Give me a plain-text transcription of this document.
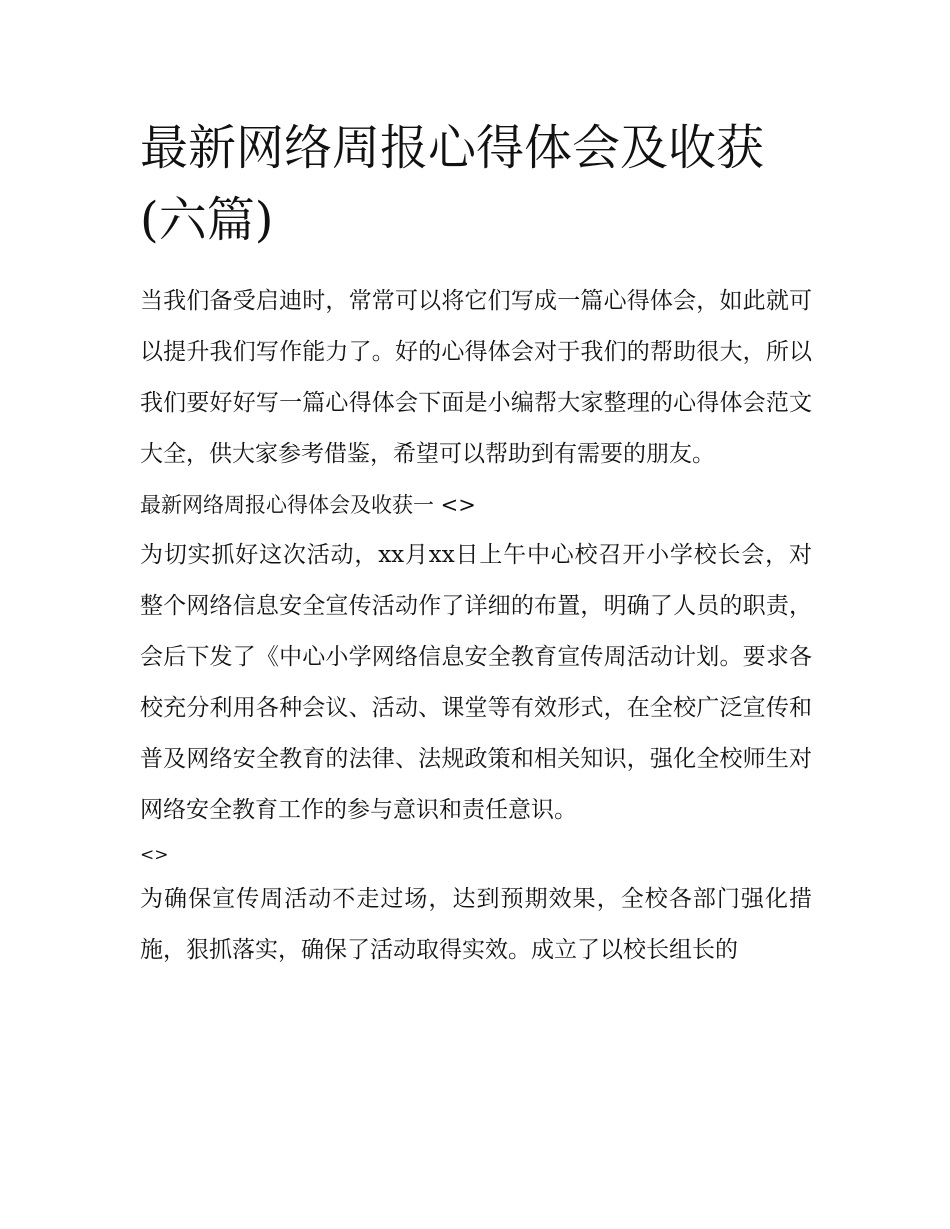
最新网络周报心得体会及收获(六篇)

当我们备受启迪时，常常可以将它们写成一篇心得体会，如此就可以提升我们写作能力了。好的心得体会对于我们的帮助很大，所以我们要好好写一篇心得体会下面是小编帮大家整理的心得体会范文大全，供大家参考借鉴，希望可以帮助到有需要的朋友。

最新网络周报心得体会及收获一 <>

为切实抓好这次活动，xx月xx日上午中心校召开小学校长会，对整个网络信息安全宣传活动作了详细的布置，明确了人员的职责，会后下发了《中心小学网络信息安全教育宣传周活动计划。要求各校充分利用各种会议、活动、课堂等有效形式，在全校广泛宣传和普及网络安全教育的法律、法规政策和相关知识，强化全校师生对网络安全教育工作的参与意识和责任意识。

<>

为确保宣传周活动不走过场，达到预期效果，全校各部门强化措施，狠抓落实，确保了活动取得实效。成立了以校长组长的
